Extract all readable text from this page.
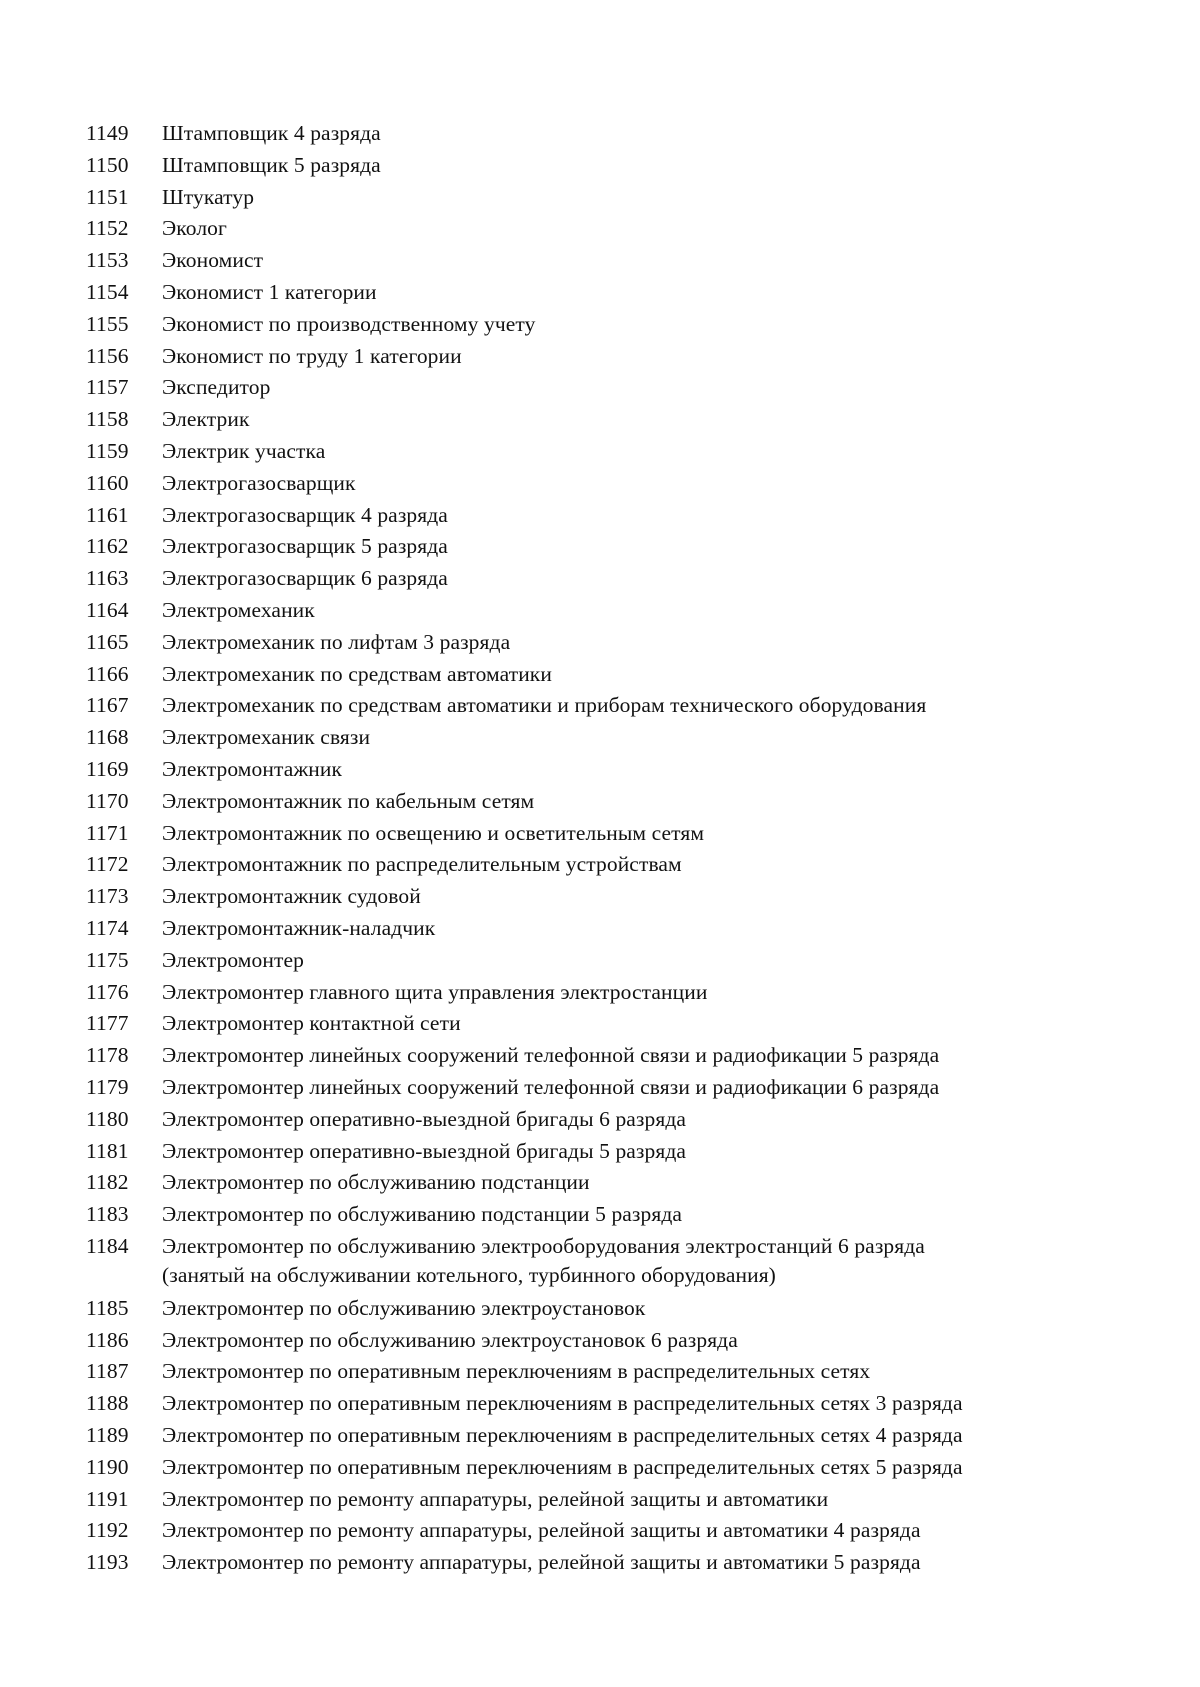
1149	Штамповщик 4 разряда
1150	Штамповщик 5 разряда
1151	Штукатур
1152	Эколог
1153	Экономист
1154	Экономист 1 категории
1155	Экономист по производственному учету
1156	Экономист по труду 1 категории
1157	Экспедитор
1158	Электрик
1159	Электрик участка
1160	Электрогазосварщик
1161	Электрогазосварщик 4 разряда
1162	Электрогазосварщик 5 разряда
1163	Электрогазосварщик 6 разряда
1164	Электромеханик
1165	Электромеханик по лифтам 3 разряда
1166	Электромеханик по средствам автоматики
1167	Электромеханик по средствам автоматики и приборам технического оборудования
1168	Электромеханик связи
1169	Электромонтажник
1170	Электромонтажник по кабельным сетям
1171	Электромонтажник по освещению и осветительным сетям
1172	Электромонтажник по распределительным устройствам
1173	Электромонтажник судовой
1174	Электромонтажник-наладчик
1175	Электромонтер
1176	Электромонтер главного щита управления электростанции
1177	Электромонтер контактной сети
1178	Электромонтер линейных сооружений телефонной связи и радиофикации 5 разряда
1179	Электромонтер линейных сооружений телефонной связи и радиофикации 6 разряда
1180	Электромонтер оперативно-выездной бригады 6 разряда
1181	Электромонтер оперативно-выездной бригады 5 разряда
1182	Электромонтер по обслуживанию подстанции
1183	Электромонтер по обслуживанию подстанции 5 разряда
1184	Электромонтер по обслуживанию электрооборудования электростанций 6 разряда
(занятый на обслуживании котельного, турбинного оборудования)
1185	Электромонтер по обслуживанию электроустановок
1186	Электромонтер по обслуживанию электроустановок 6 разряда
1187	Электромонтер по оперативным переключениям в распределительных сетях
1188	Электромонтер по оперативным переключениям в распределительных сетях 3 разряда
1189	Электромонтер по оперативным переключениям в распределительных сетях 4 разряда
1190	Электромонтер по оперативным переключениям в распределительных сетях 5 разряда
1191	Электромонтер по ремонту аппаратуры, релейной защиты и автоматики
1192	Электромонтер по ремонту аппаратуры, релейной защиты и автоматики 4 разряда
1193	Электромонтер по ремонту аппаратуры, релейной защиты и автоматики 5 разряда
